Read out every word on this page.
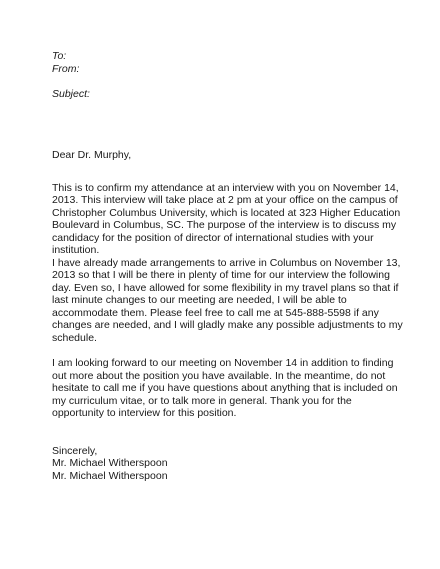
To:
From:
Subject:
Dear Dr. Murphy,
This is to confirm my attendance at an interview with you on November 14,
2013. This interview will take place at 2 pm at your office on the campus of
Christopher Columbus University, which is located at 323 Higher Education
Boulevard in Columbus, SC. The purpose of the interview is to discuss my
candidacy for the position of director of international studies with your
institution.
I have already made arrangements to arrive in Columbus on November 13,
2013 so that I will be there in plenty of time for our interview the following
day. Even so, I have allowed for some flexibility in my travel plans so that if
last minute changes to our meeting are needed, I will be able to
accommodate them. Please feel free to call me at 545-888-5598 if any
changes are needed, and I will gladly make any possible adjustments to my
schedule.
I am looking forward to our meeting on November 14 in addition to finding
out more about the position you have available. In the meantime, do not
hesitate to call me if you have questions about anything that is included on
my curriculum vitae, or to talk more in general. Thank you for the
opportunity to interview for this position.
Sincerely,
Mr. Michael Witherspoon
Mr. Michael Witherspoon
